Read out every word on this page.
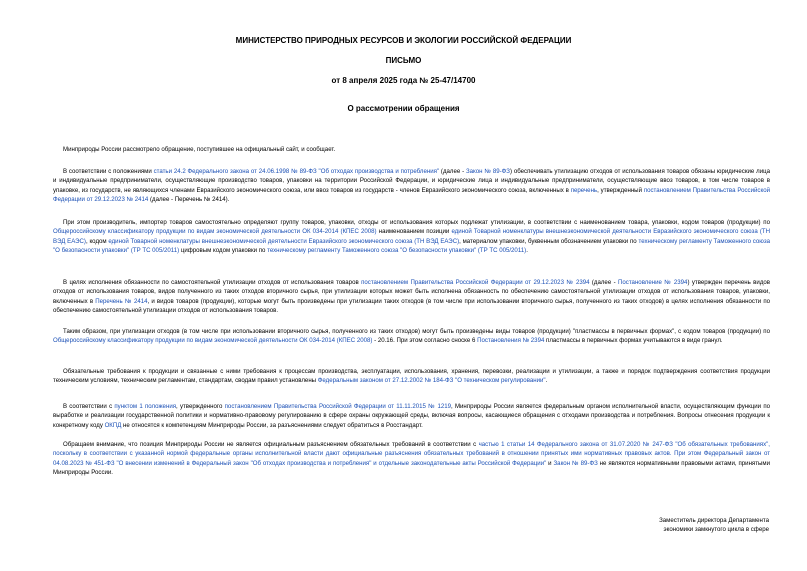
МИНИСТЕРСТВО ПРИРОДНЫХ РЕСУРСОВ И ЭКОЛОГИИ РОССИЙСКОЙ ФЕДЕРАЦИИ
ПИСЬМО
от 8 апреля 2025 года № 25-47/14700
О рассмотрении обращения
Минприроды России рассмотрело обращение, поступившее на официальный сайт, и сообщает.
В соответствии с положениями статьи 24.2 Федерального закона от 24.06.1998 № 89-ФЗ "Об отходах производства и потребления" (далее - Закон № 89-ФЗ) обеспечивать утилизацию отходов от использования товаров обязаны юридические лица и индивидуальные предприниматели, осуществляющие производство товаров, упаковки на территории Российской Федерации, и юридические лица и индивидуальные предприниматели, осуществляющие ввоз товаров, в том числе товаров в упаковке, из государств, не являющихся членами Евразийского экономического союза, или ввоз товаров из государств - членов Евразийского экономического союза, включенных в перечень, утвержденный постановлением Правительства Российской Федерации от 29.12.2023 № 2414 (далее - Перечень № 2414).
При этом производитель, импортер товаров самостоятельно определяют группу товаров, упаковки, отходы от использования которых подлежат утилизации, в соответствии с наименованием товара, упаковки, кодом товаров (продукции) по Общероссийскому классификатору продукции по видам экономической деятельности ОК 034-2014 (КПЕС 2008) наименованием позиции единой Товарной номенклатуры внешнеэкономической деятельности Евразийского экономического союза (ТН ВЭД ЕАЭС), кодом единой Товарной номенклатуры внешнеэкономической деятельности Евразийского экономического союза (ТН ВЭД ЕАЭС), материалом упаковки, буквенным обозначением упаковки по техническому регламенту Таможенного союза "О безопасности упаковки" (ТР ТС 005/2011) цифровым кодом упаковки по техническому регламенту Таможенного союза "О безопасности упаковки" (ТР ТС 005/2011).
В целях исполнения обязанности по самостоятельной утилизации отходов от использования товаров постановлением Правительства Российской Федерации от 29.12.2023 № 2394 (далее - Постановление № 2394) утвержден перечень видов отходов от использования товаров, видов полученного из таких отходов вторичного сырья, при утилизации которых может быть исполнена обязанность по обеспечению самостоятельной утилизации отходов от использования товаров, упаковки, включенных в Перечень № 2414, и видов товаров (продукции), которые могут быть произведены при утилизации таких отходов (в том числе при использовании вторичного сырья, полученного из таких отходов) в целях исполнения обязанности по обеспечению самостоятельной утилизации отходов от использования товаров.
Таким образом, при утилизации отходов (в том числе при использовании вторичного сырья, полученного из таких отходов) могут быть произведены виды товаров (продукции) "пластмассы в первичных формах", с кодом товаров (продукции) по Общероссийскому классификатору продукции по видам экономической деятельности ОК 034-2014 (КПЕС 2008) - 20.16. При этом согласно сноске 6 Постановления № 2394 пластмассы в первичных формах учитываются в виде гранул.
Обязательные требования к продукции и связанные с ними требования к процессам производства, эксплуатации, использования, хранения, перевозки, реализации и утилизации, а также и порядок подтверждения соответствия продукции техническим условиям, техническим регламентам, стандартам, сводам правил установлены Федеральным законом от 27.12.2002 № 184-ФЗ "О техническом регулировании".
В соответствии с пунктом 1 положения, утвержденного постановлением Правительства Российской Федерации от 11.11.2015 № 1219, Минприроды России является федеральным органом исполнительной власти, осуществляющим функции по выработке и реализации государственной политики и нормативно-правовому регулированию в сфере охраны окружающей среды, включая вопросы, касающиеся обращения с отходами производства и потребления. Вопросы отнесения продукции к конкретному коду ОКПД не относятся к компетенциям Минприроды России, за разъяснениями следует обратиться в Росстандарт.
Обращаем внимание, что позиция Минприроды России не является официальным разъяснением обязательных требований в соответствии с частью 1 статьи 14 Федерального закона от 31.07.2020 № 247-ФЗ "Об обязательных требованиях", поскольку в соответствии с указанной нормой федеральные органы исполнительной власти дают официальные разъяснения обязательных требований в отношении принятых ими нормативных правовых актов. При этом Федеральный закон от 04.08.2023 № 451-ФЗ "О внесении изменений в Федеральный закон "Об отходах производства и потребления" и отдельные законодательные акты Российской Федерации" и Закон № 89-ФЗ не являются нормативными правовыми актами, принятыми Минприроды России.
Заместитель директора Департамента
экономики замкнутого цикла в сфере
